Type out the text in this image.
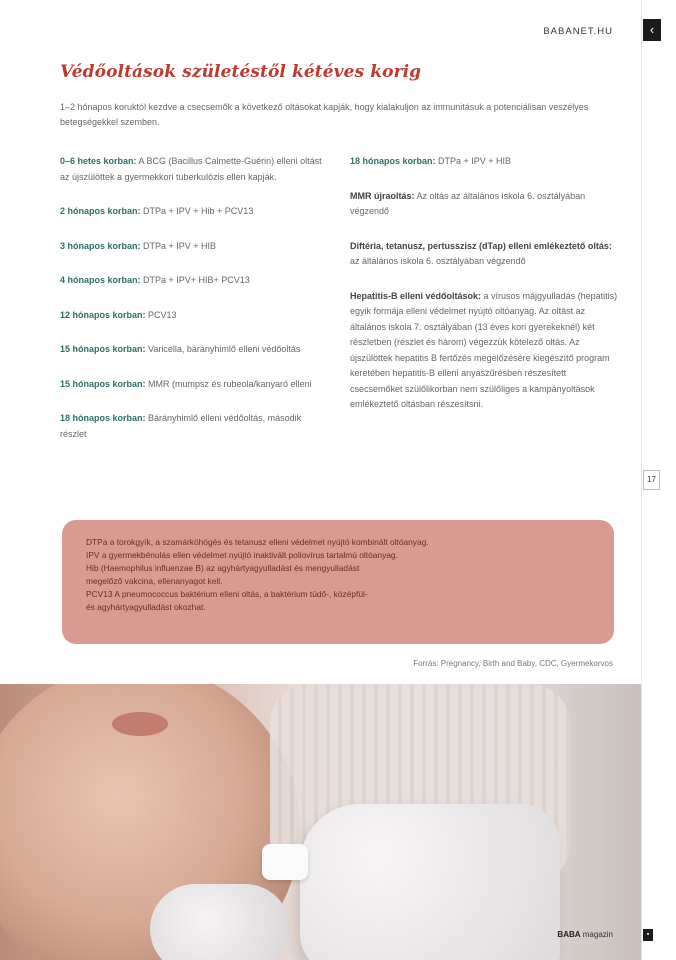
BABANET.HU
Védőoltások születéstől kétéves korig

1–2 hónapos koruktól kezdve a csecsemők a következő oltásokat kapják, hogy kialakuljon az immunitásuk a potenciálisan veszélyes betegségekkel szemben.

0–6 hetes korban: A BCG (Bacillus Calmette-Guérin) elleni oltást az újszülöttek a gyermekkori tuberkulózis ellen kapják.
2 hónapos korban: DTPa + IPV + Hib + PCV13
3 hónapos korban: DTPa + IPV + HIB
4 hónapos korban: DTPa + IPV+ HIB+ PCV13
12 hónapos korban: PCV13
15 hónapos korban: Varicella, bárányhimlő elleni védőoltás
15 hónapos korban: MMR (mumpsz és rubeola/kanyaró elleni
18 hónapos korban: Bárányhimlő elleni védőoltás, második részlet
18 hónapos korban: DTPa + IPV + HIB
MMR újraoltás: Az oltás az általános iskola 6. osztályában végzendő
Diftéria, tetanusz, pertusszisz (dTap) elleni emlékeztető oltás: az általános iskola 6. osztályában végzendő
Hepatitis-B elleni védőoltások: a vírusos májgyulladás (hepatitis) egyik formája elleni védelmet nyújtó oltóanyag. Az oltást az általános iskola 7. osztályában (13 éves kori gyerekeknél) két részletben (részlet és három) végezzük kötelező oltás. Az újszülöttek hepatitis B fertőzés megelőzésére kiegészítő program keretében hepatitis-B elleni anyaszűrésben részesített csecsemőket szülőlikorban nem szülőliges a kampányoltások emlékeztető oltásban részesítsni.

DTPa a torokgyík, a szamárköhögés és tetanusz elleni védelmet nyújtó kombinált oltóanyag.

IPV a gyermekbénulás ellen védelmet nyújtó inaktivált poliovírus tartalmú oltóanyag.

Hib (Haemophilus influenzae B) az agyhártyagyulladást és mengyulladást

megelőző vakcina, ellenanyagot kell.

PCV13 A pneumococcus baktérium elleni oltás, a baktérium tüdő-, középfül-

és agyhártyagyulladást okozhat.

Forrás: Pregnancy, Birth and Baby, CDC, Gyermekorvos
BABA magazin
‹
17
▪
